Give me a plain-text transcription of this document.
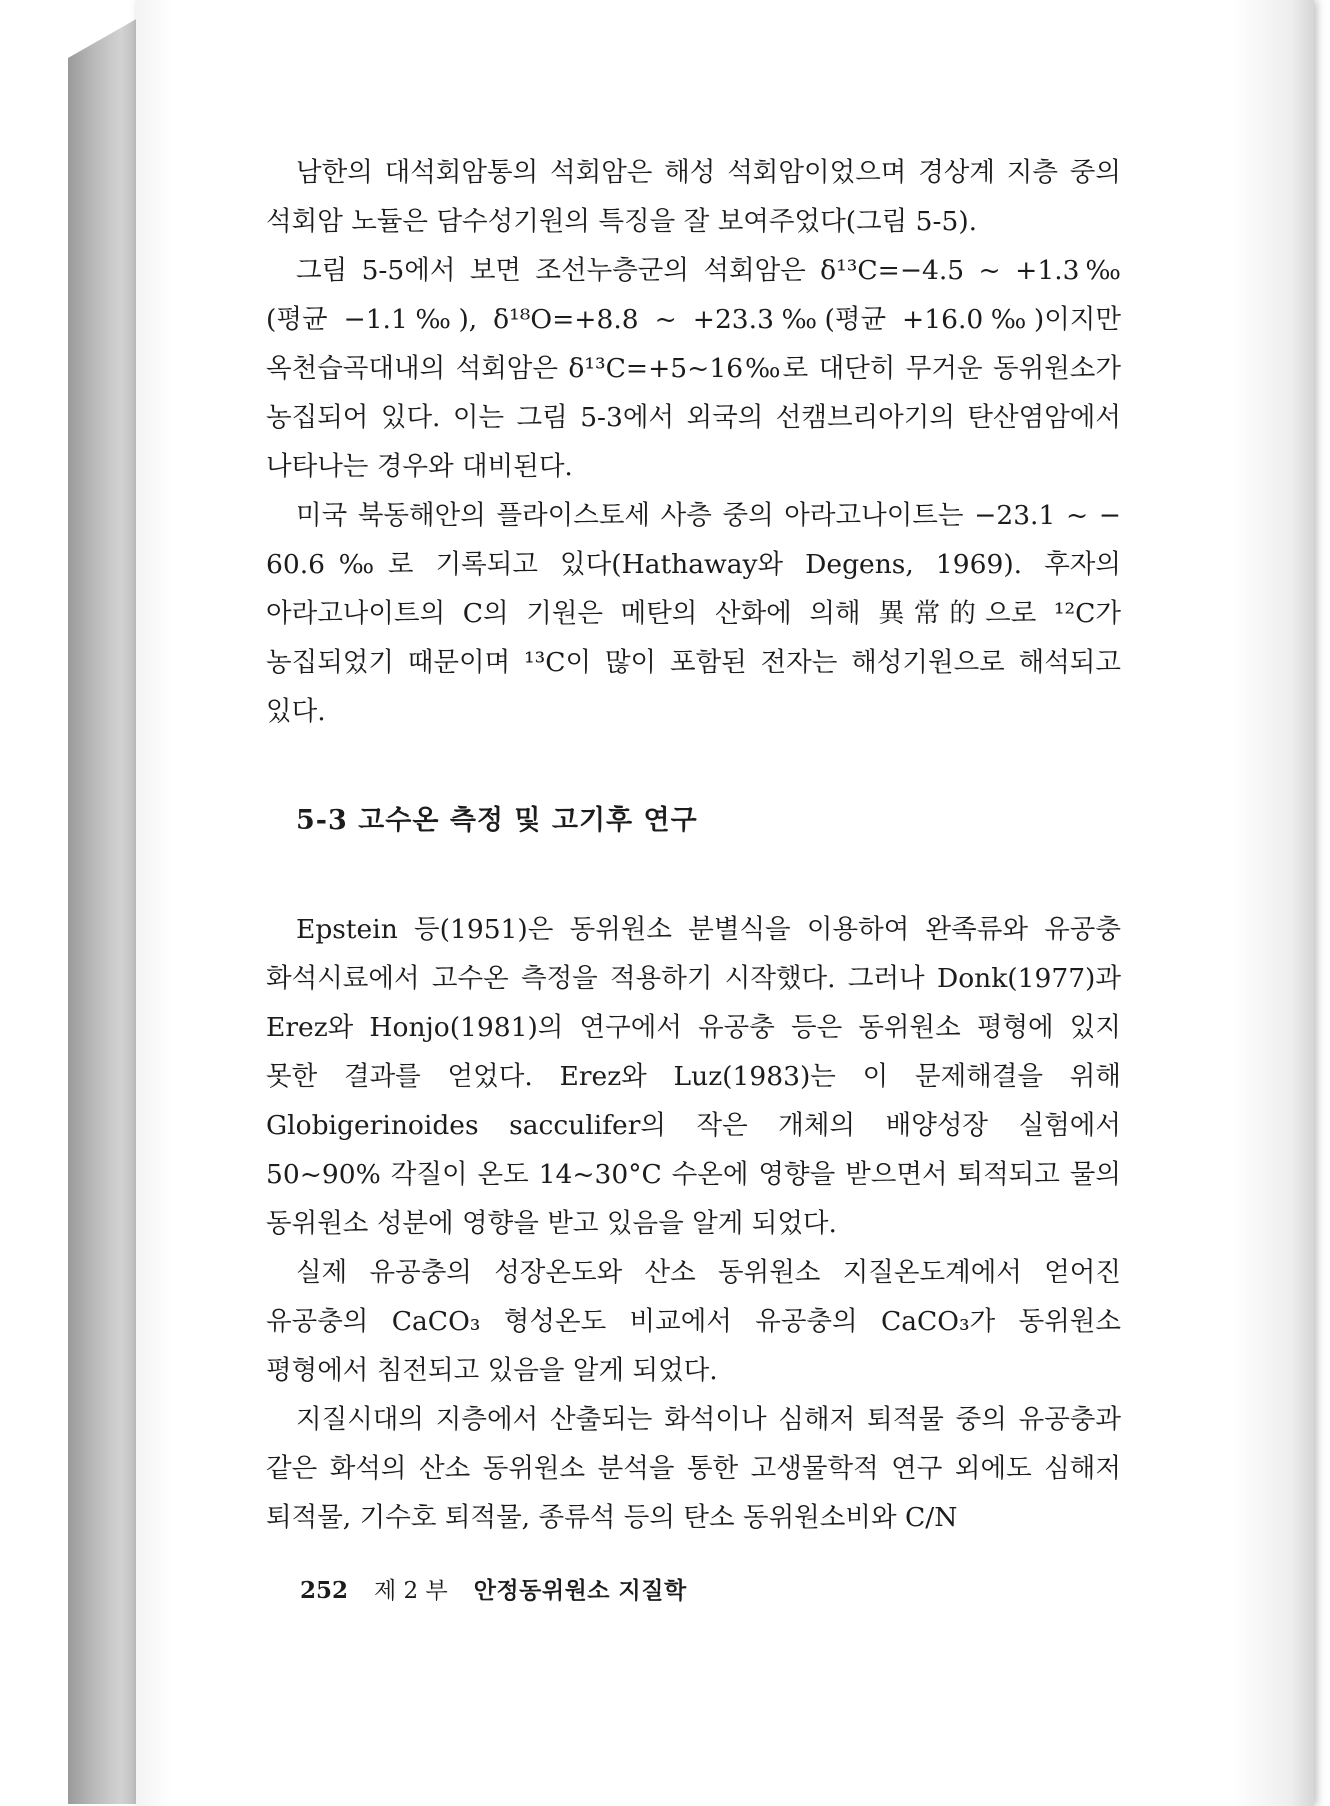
남한의 대석회암통의 석회암은 해성 석회암이었으며 경상계 지층 중의 석회암 노듈은 담수성기원의 특징을 잘 보여주었다(그림 5-5).

그림 5-5에서 보면 조선누층군의 석회암은 δ¹³C=−4.5 ~ +1.3‰ (평균 −1.1‰), δ¹⁸O=+8.8 ~ +23.3‰(평균 +16.0‰)이지만 옥천습곡대내의 석회암은 δ¹³C=+5~16‰로 대단히 무거운 동위원소가 농집되어 있다. 이는 그림 5-3에서 외국의 선캠브리아기의 탄산염암에서 나타나는 경우와 대비된다.

미국 북동해안의 플라이스토세 사층 중의 아라고나이트는 −23.1 ~ − 60.6‰로 기록되고 있다(Hathaway와 Degens, 1969). 후자의 아라고나이트의 C의 기원은 메탄의 산화에 의해 異常的으로 ¹²C가 농집되었기 때문이며 ¹³C이 많이 포함된 전자는 해성기원으로 해석되고 있다.

5-3 고수온 측정 및 고기후 연구

Epstein 등(1951)은 동위원소 분별식을 이용하여 완족류와 유공충 화석시료에서 고수온 측정을 적용하기 시작했다. 그러나 Donk(1977)과 Erez와 Honjo(1981)의 연구에서 유공충 등은 동위원소 평형에 있지 못한 결과를 얻었다. Erez와 Luz(1983)는 이 문제해결을 위해 Globigerinoides sacculifer의 작은 개체의 배양성장 실험에서 50~90% 각질이 온도 14~30°C 수온에 영향을 받으면서 퇴적되고 물의 동위원소 성분에 영향을 받고 있음을 알게 되었다.

실제 유공충의 성장온도와 산소 동위원소 지질온도계에서 얻어진 유공충의 CaCO₃ 형성온도 비교에서 유공충의 CaCO₃가 동위원소 평형에서 침전되고 있음을 알게 되었다.

지질시대의 지층에서 산출되는 화석이나 심해저 퇴적물 중의 유공충과 같은 화석의 산소 동위원소 분석을 통한 고생물학적 연구 외에도 심해저 퇴적물, 기수호 퇴적물, 종류석 등의 탄소 동위원소비와 C/N

252 제 2 부 안정동위원소 지질학
